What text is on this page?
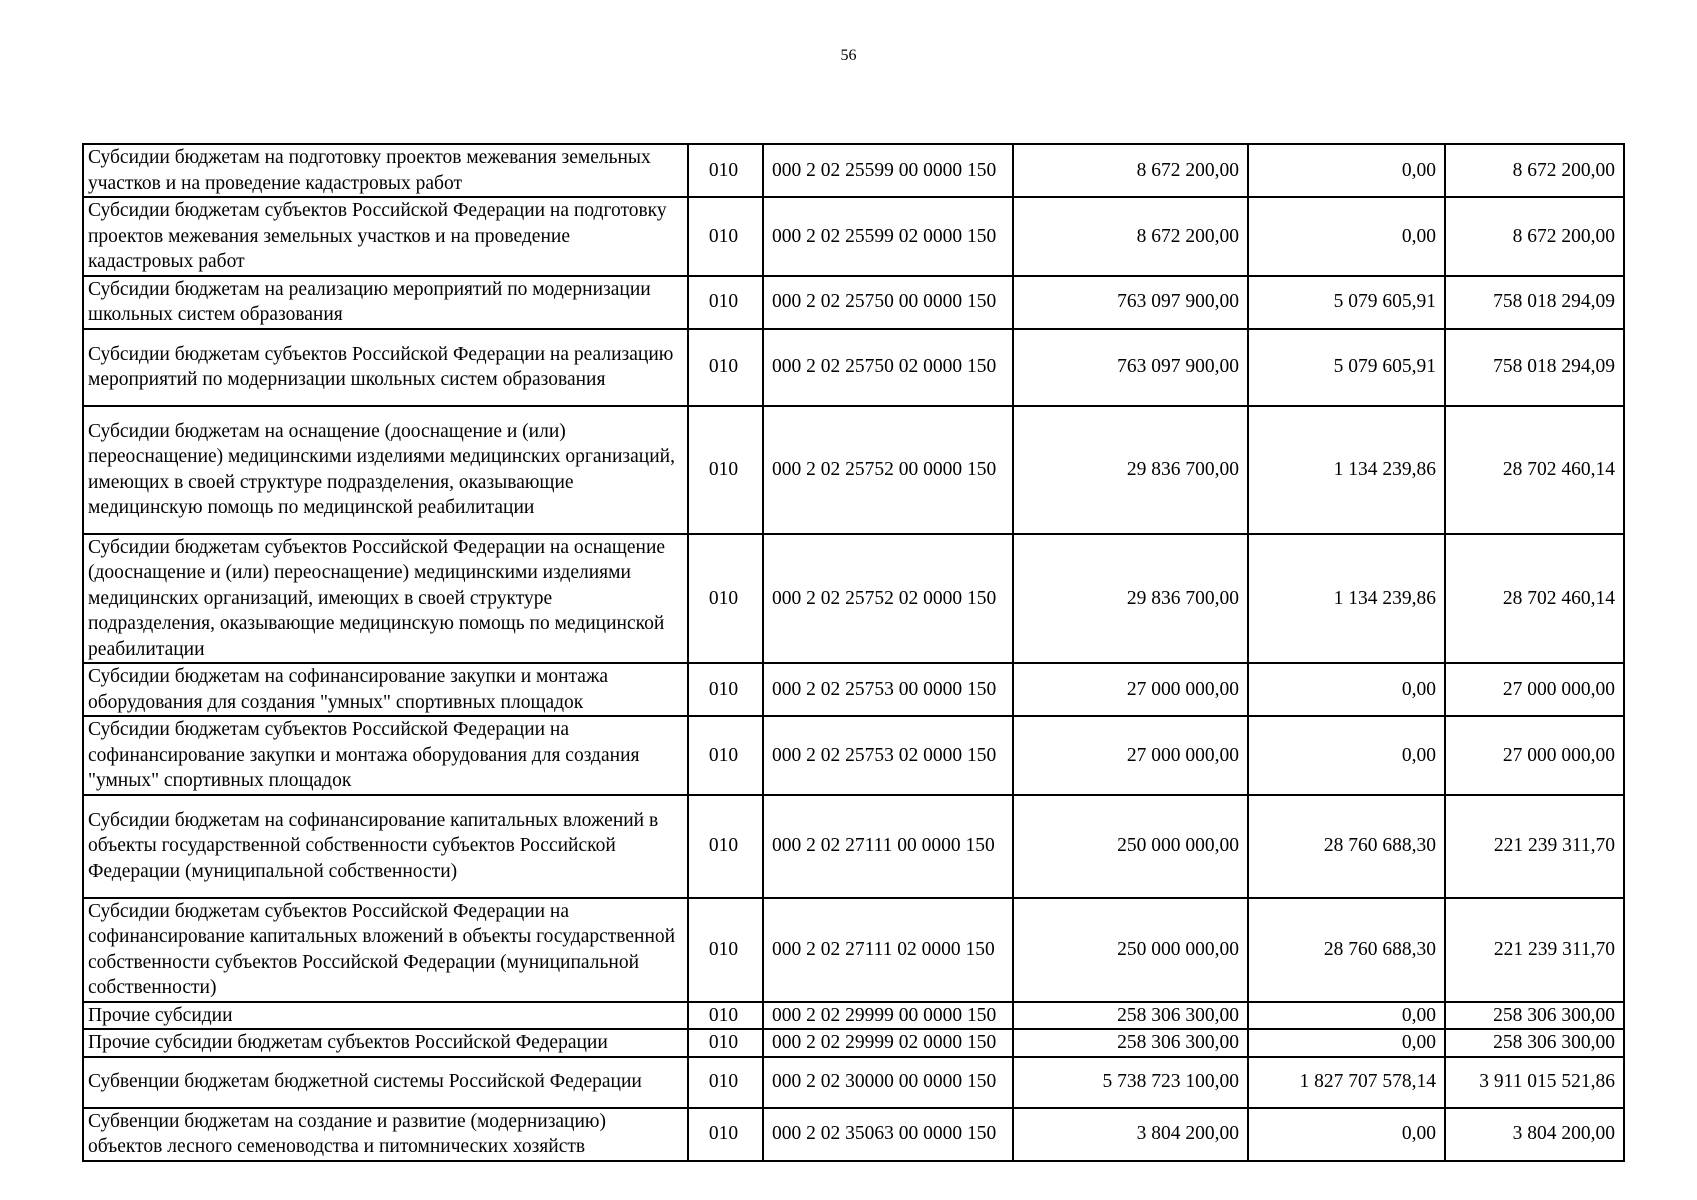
56
Субсидии бюджетам на подготовку проектов межевания земельных участков и на проведение кадастровых работ	010	000 2 02 25599 00 0000 150	8 672 200,00	0,00	8 672 200,00
Субсидии бюджетам субъектов Российской Федерации на подготовку проектов межевания земельных участков и на проведение кадастровых работ	010	000 2 02 25599 02 0000 150	8 672 200,00	0,00	8 672 200,00
Субсидии бюджетам на реализацию мероприятий по модернизации школьных систем образования	010	000 2 02 25750 00 0000 150	763 097 900,00	5 079 605,91	758 018 294,09
Субсидии бюджетам субъектов Российской Федерации на реализацию мероприятий по модернизации школьных систем образования	010	000 2 02 25750 02 0000 150	763 097 900,00	5 079 605,91	758 018 294,09
Субсидии бюджетам на оснащение (дооснащение и (или) переоснащение) медицинскими изделиями медицинских организаций, имеющих в своей структуре подразделения, оказывающие медицинскую помощь по медицинской реабилитации	010	000 2 02 25752 00 0000 150	29 836 700,00	1 134 239,86	28 702 460,14
Субсидии бюджетам субъектов Российской Федерации на оснащение (дооснащение и (или) переоснащение) медицинскими изделиями медицинских организаций, имеющих в своей структуре подразделения, оказывающие медицинскую помощь по медицинской реабилитации	010	000 2 02 25752 02 0000 150	29 836 700,00	1 134 239,86	28 702 460,14
Субсидии бюджетам на софинансирование закупки и монтажа оборудования для создания "умных" спортивных площадок	010	000 2 02 25753 00 0000 150	27 000 000,00	0,00	27 000 000,00
Субсидии бюджетам субъектов Российской Федерации на софинансирование закупки и монтажа оборудования для создания "умных" спортивных площадок	010	000 2 02 25753 02 0000 150	27 000 000,00	0,00	27 000 000,00
Субсидии бюджетам на софинансирование капитальных вложений в объекты государственной собственности субъектов Российской Федерации (муниципальной собственности)	010	000 2 02 27111 00 0000 150	250 000 000,00	28 760 688,30	221 239 311,70
Субсидии бюджетам субъектов Российской Федерации на софинансирование капитальных вложений в объекты государственной собственности субъектов Российской Федерации (муниципальной собственности)	010	000 2 02 27111 02 0000 150	250 000 000,00	28 760 688,30	221 239 311,70
Прочие субсидии	010	000 2 02 29999 00 0000 150	258 306 300,00	0,00	258 306 300,00
Прочие субсидии бюджетам субъектов Российской Федерации	010	000 2 02 29999 02 0000 150	258 306 300,00	0,00	258 306 300,00
Субвенции бюджетам бюджетной системы Российской Федерации	010	000 2 02 30000 00 0000 150	5 738 723 100,00	1 827 707 578,14	3 911 015 521,86
Субвенции бюджетам на создание и развитие (модернизацию) объектов лесного семеноводства и питомнических хозяйств	010	000 2 02 35063 00 0000 150	3 804 200,00	0,00	3 804 200,00
